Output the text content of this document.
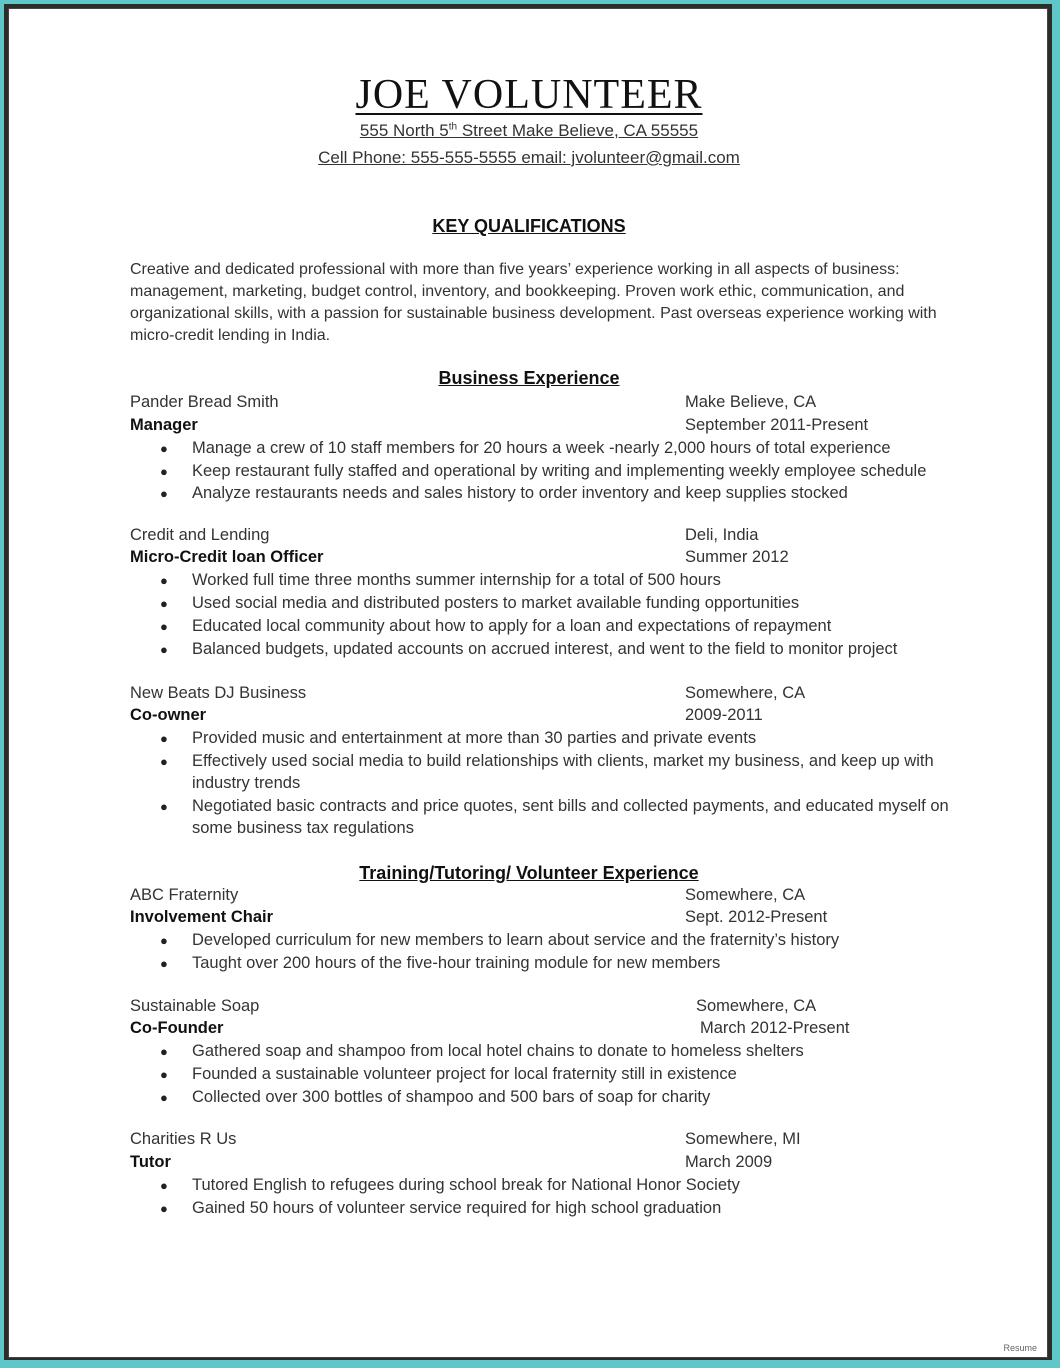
JOE VOLUNTEER
555 North 5th Street Make Believe, CA 55555
Cell Phone: 555-555-5555 email: jvolunteer@gmail.com
KEY QUALIFICATIONS

Creative and dedicated professional with more than five years’ experience working in all aspects of business:

management, marketing, budget control, inventory, and bookkeeping. Proven work ethic, communication, and

organizational skills, with a passion for sustainable business development. Past overseas experience working with

micro-credit lending in India.

Business Experience
Pander Bread Smith	Make Believe, CA
Manager	September 2011-Present
● Manage a crew of 10 staff members for 20 hours a week -nearly 2,000 hours of total experience
● Keep restaurant fully staffed and operational by writing and implementing weekly employee schedule
● Analyze restaurants needs and sales history to order inventory and keep supplies stocked
Credit and Lending	Deli, India
Micro-Credit loan Officer	Summer 2012
● Worked full time three months summer internship for a total of 500 hours
● Used social media and distributed posters to market available funding opportunities
● Educated local community about how to apply for a loan and expectations of repayment
● Balanced budgets, updated accounts on accrued interest, and went to the field to monitor project
New Beats DJ Business	Somewhere, CA
Co-owner	2009-2011
● Provided music and entertainment at more than 30 parties and private events
● Effectively used social media to build relationships with clients, market my business, and keep up with
industry trends
● Negotiated basic contracts and price quotes, sent bills and collected payments, and educated myself on
some business tax regulations
Training/Tutoring/ Volunteer Experience
ABC Fraternity	Somewhere, CA
Involvement Chair	Sept. 2012-Present
● Developed curriculum for new members to learn about service and the fraternity’s history
● Taught over 200 hours of the five-hour training module for new members
Sustainable Soap	Somewhere, CA
Co-Founder	March 2012-Present
● Gathered soap and shampoo from local hotel chains to donate to homeless shelters
● Founded a sustainable volunteer project for local fraternity still in existence
● Collected over 300 bottles of shampoo and 500 bars of soap for charity
Charities R Us	Somewhere, MI
Tutor	March 2009
● Tutored English to refugees during school break for National Honor Society
● Gained 50 hours of volunteer service required for high school graduation
Resume
